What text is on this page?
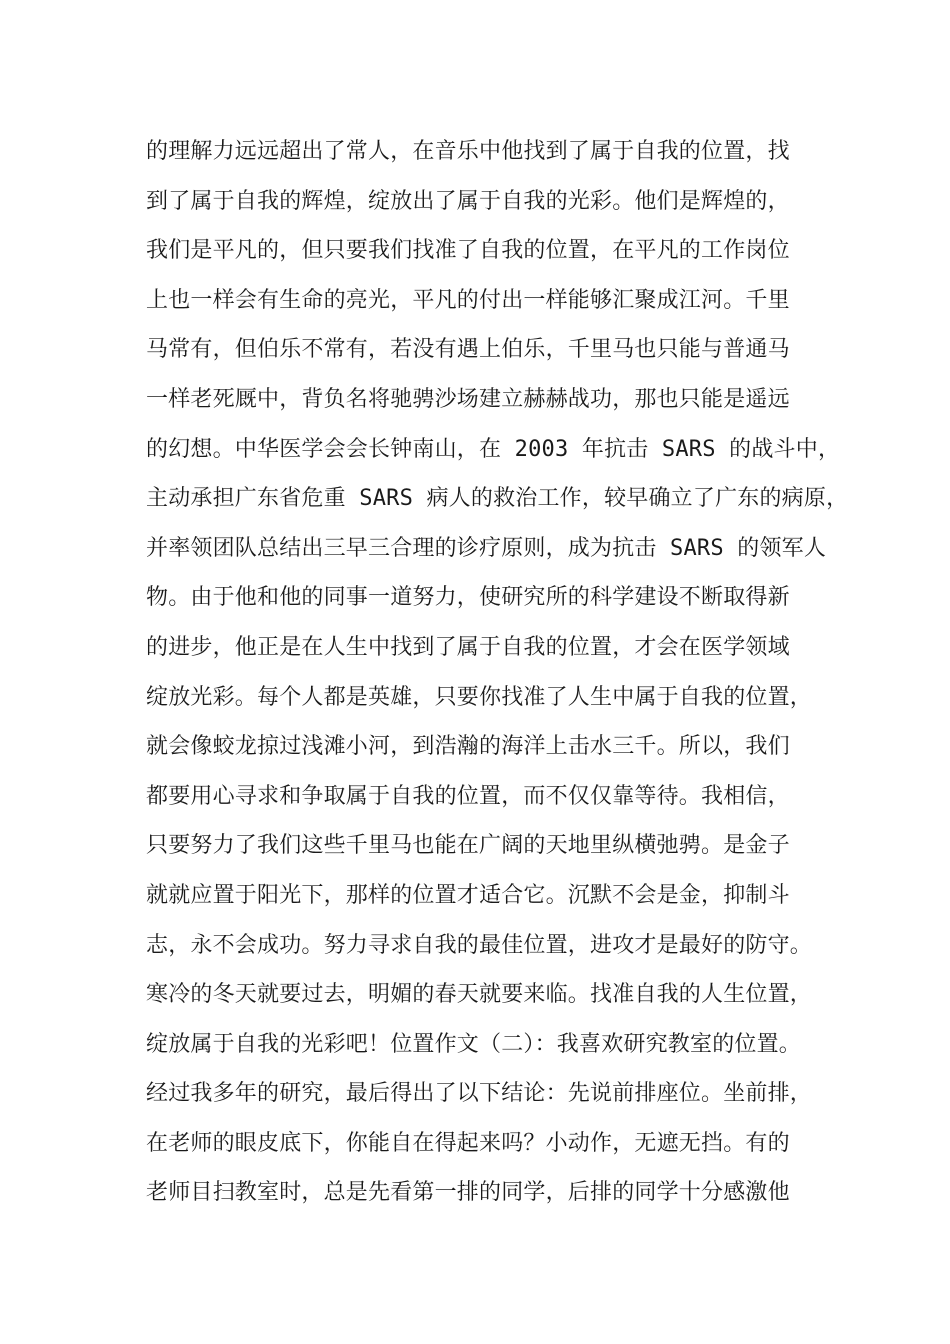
的理解力远远超出了常人，在音乐中他找到了属于自我的位置，找
到了属于自我的辉煌，绽放出了属于自我的光彩。他们是辉煌的，
我们是平凡的，但只要我们找准了自我的位置，在平凡的工作岗位
上也一样会有生命的亮光，平凡的付出一样能够汇聚成江河。千里
马常有，但伯乐不常有，若没有遇上伯乐，千里马也只能与普通马
一样老死厩中，背负名将驰骋沙场建立赫赫战功，那也只能是遥远
的幻想。中华医学会会长钟南山，在 2003 年抗击 SARS 的战斗中，
主动承担广东省危重 SARS 病人的救治工作，较早确立了广东的病原，
并率领团队总结出三早三合理的诊疗原则，成为抗击 SARS 的领军人
物。由于他和他的同事一道努力，使研究所的科学建设不断取得新
的进步，他正是在人生中找到了属于自我的位置，才会在医学领域
绽放光彩。每个人都是英雄，只要你找准了人生中属于自我的位置，
就会像蛟龙掠过浅滩小河，到浩瀚的海洋上击水三千。所以，我们
都要用心寻求和争取属于自我的位置，而不仅仅靠等待。我相信，
只要努力了我们这些千里马也能在广阔的天地里纵横弛骋。是金子
就就应置于阳光下，那样的位置才适合它。沉默不会是金，抑制斗
志，永不会成功。努力寻求自我的最佳位置，进攻才是最好的防守。
寒冷的冬天就要过去，明媚的春天就要来临。找准自我的人生位置，
绽放属于自我的光彩吧！位置作文（二）：我喜欢研究教室的位置。
经过我多年的研究，最后得出了以下结论：先说前排座位。坐前排，
在老师的眼皮底下，你能自在得起来吗？小动作，无遮无挡。有的
老师目扫教室时，总是先看第一排的同学，后排的同学十分感激他
